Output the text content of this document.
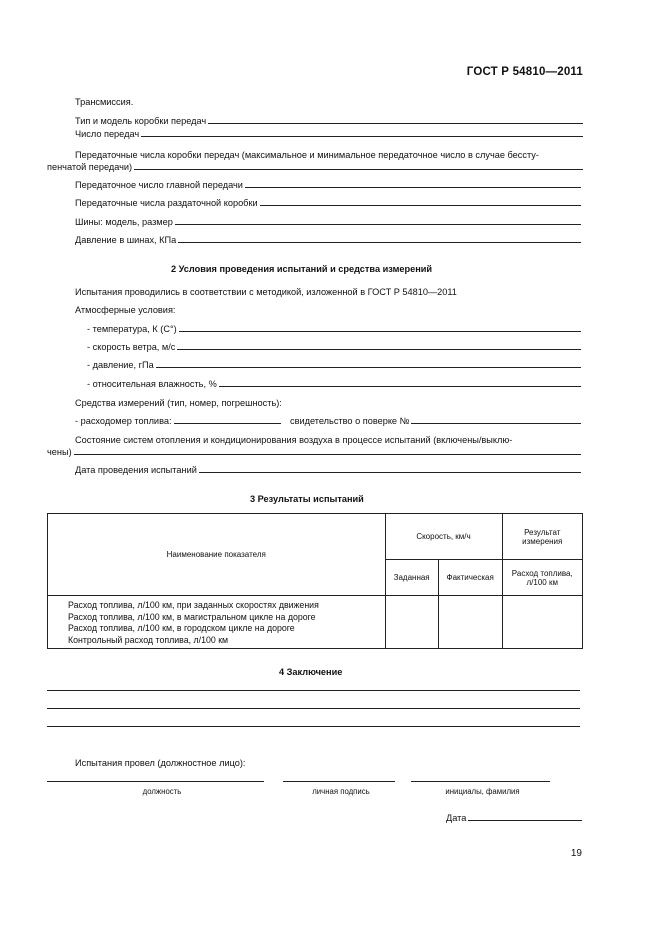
ГОСТ Р 54810—2011
Трансмиссия.
Тип и модель коробки передач
Число передач
Передаточные числа коробки передач (максимальное и минимальное передаточное число в случае бессту-
пенчатой передачи)
Передаточное число главной передачи
Передаточные числа раздаточной коробки
Шины: модель, размер
Давление в шинах, КПа
2 Условия проведения испытаний и средства измерений
Испытания проводились в соответствии с методикой, изложенной в ГОСТ Р 54810—2011
Атмосферные условия:
- температура, К (С°)
- скорость ветра, м/с
- давление, гПа
- относительная влажность, %
Средства измерений (тип, номер, погрешность):
- расходомер топлива:	свидетельство о поверке №
Состояние систем отопления и кондиционирования воздуха в процессе испытаний (включены/выклю-
чены)
Дата проведения испытаний
3 Результаты испытаний
Наименование показателя	Скорость, км/ч		Результат измерения
	Заданная	Фактическая	Расход топлива, л/100 км

Расход топлива, л/100 км, при заданных скоростях движения
Расход топлива, л/100 км, в магистральном цикле на дороге
Расход топлива, л/100 км, в городском цикле на дороге
Контрольный расход топлива, л/100 км			

4 Заключение
Испытания провел (должностное лицо):
должность	личная подпись	инициалы, фамилия
Дата
19
